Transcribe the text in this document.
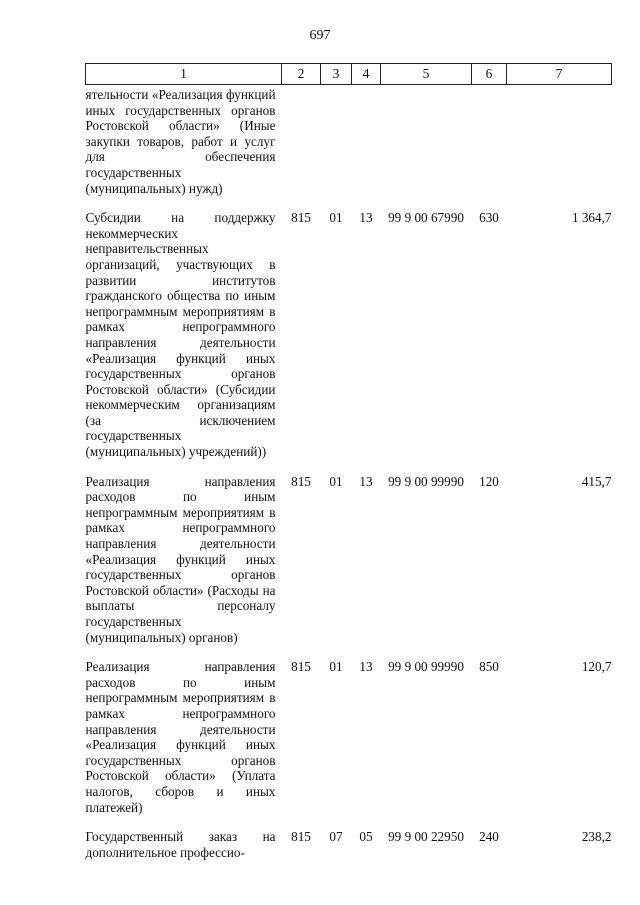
697
1	2	3	4	5	6	7
ятельности «Реализация функций иных государственных органов Ростовской области» (Иные закупки товаров, работ и услуг для обеспечения государственных (муниципальных) нужд)						
Субсидии на поддержку некоммерческих неправительственных организаций, участвующих в развитии институтов гражданского общества по иным непрограммным мероприятиям в рамках непрограммного направления деятельности «Реализация функций иных государственных органов Ростовской области» (Субсидии некоммерческим организациям (за исключением государственных (муниципальных) учреждений))	815	01	13	99 9 00 67990	630	1 364,7
Реализация направления расходов по иным непрограммным мероприятиям в рамках непрограммного направления деятельности «Реализация функций иных государственных органов Ростовской области» (Расходы на выплаты персоналу государственных (муниципальных) органов)	815	01	13	99 9 00 99990	120	415,7
Реализация направления расходов по иным непрограммным мероприятиям в рамках непрограммного направления деятельности «Реализация функций иных государственных органов Ростовской области» (Уплата налогов, сборов и иных платежей)	815	01	13	99 9 00 99990	850	120,7
Государственный заказ на дополнительное профессио-	815	07	05	99 9 00 22950	240	238,2
